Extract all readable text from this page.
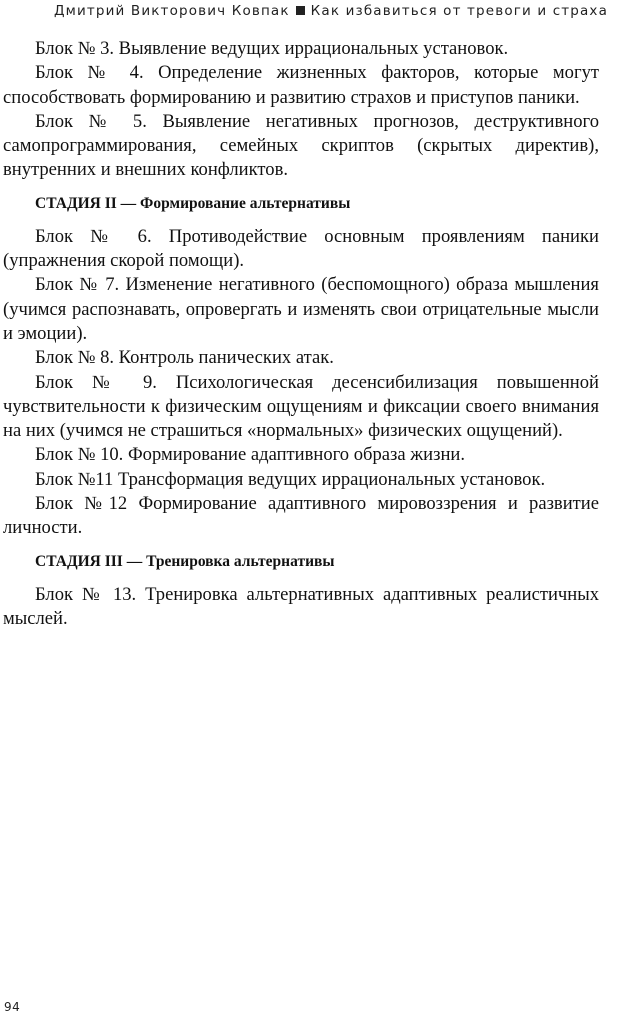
Дмитрий Викторович Ковпак Как избавиться от тревоги и страха

Блок № 3. Выявление ведущих иррациональных установок.

Блок № 4. Определение жизненных факторов, которые могут способствовать формированию и развитию страхов и приступов паники.

Блок № 5. Выявление негативных прогнозов, деструктивного самопрограммирования, семейных скриптов (скрытых директив), внутренних и внешних конфликтов.

СТАДИЯ II — Формирование альтернативы

Блок № 6. Противодействие основным проявлениям паники (упражнения скорой помощи).

Блок № 7. Изменение негативного (беспомощного) образа мышления (учимся распознавать, опровергать и изменять свои отрицательные мысли и эмоции).

Блок № 8. Контроль панических атак.

Блок № 9. Психологическая десенсибилизация повышенной чувствительности к физическим ощущениям и фиксации своего внимания на них (учимся не страшиться «нормальных» физических ощущений).

Блок № 10. Формирование адаптивного образа жизни.

Блок №11 Трансформация ведущих иррациональных установок.

Блок №12 Формирование адаптивного мировоззрения и развитие личности.

СТАДИЯ III — Тренировка альтернативы

Блок № 13. Тренировка альтернативных адаптивных реалистичных мыслей.

94
